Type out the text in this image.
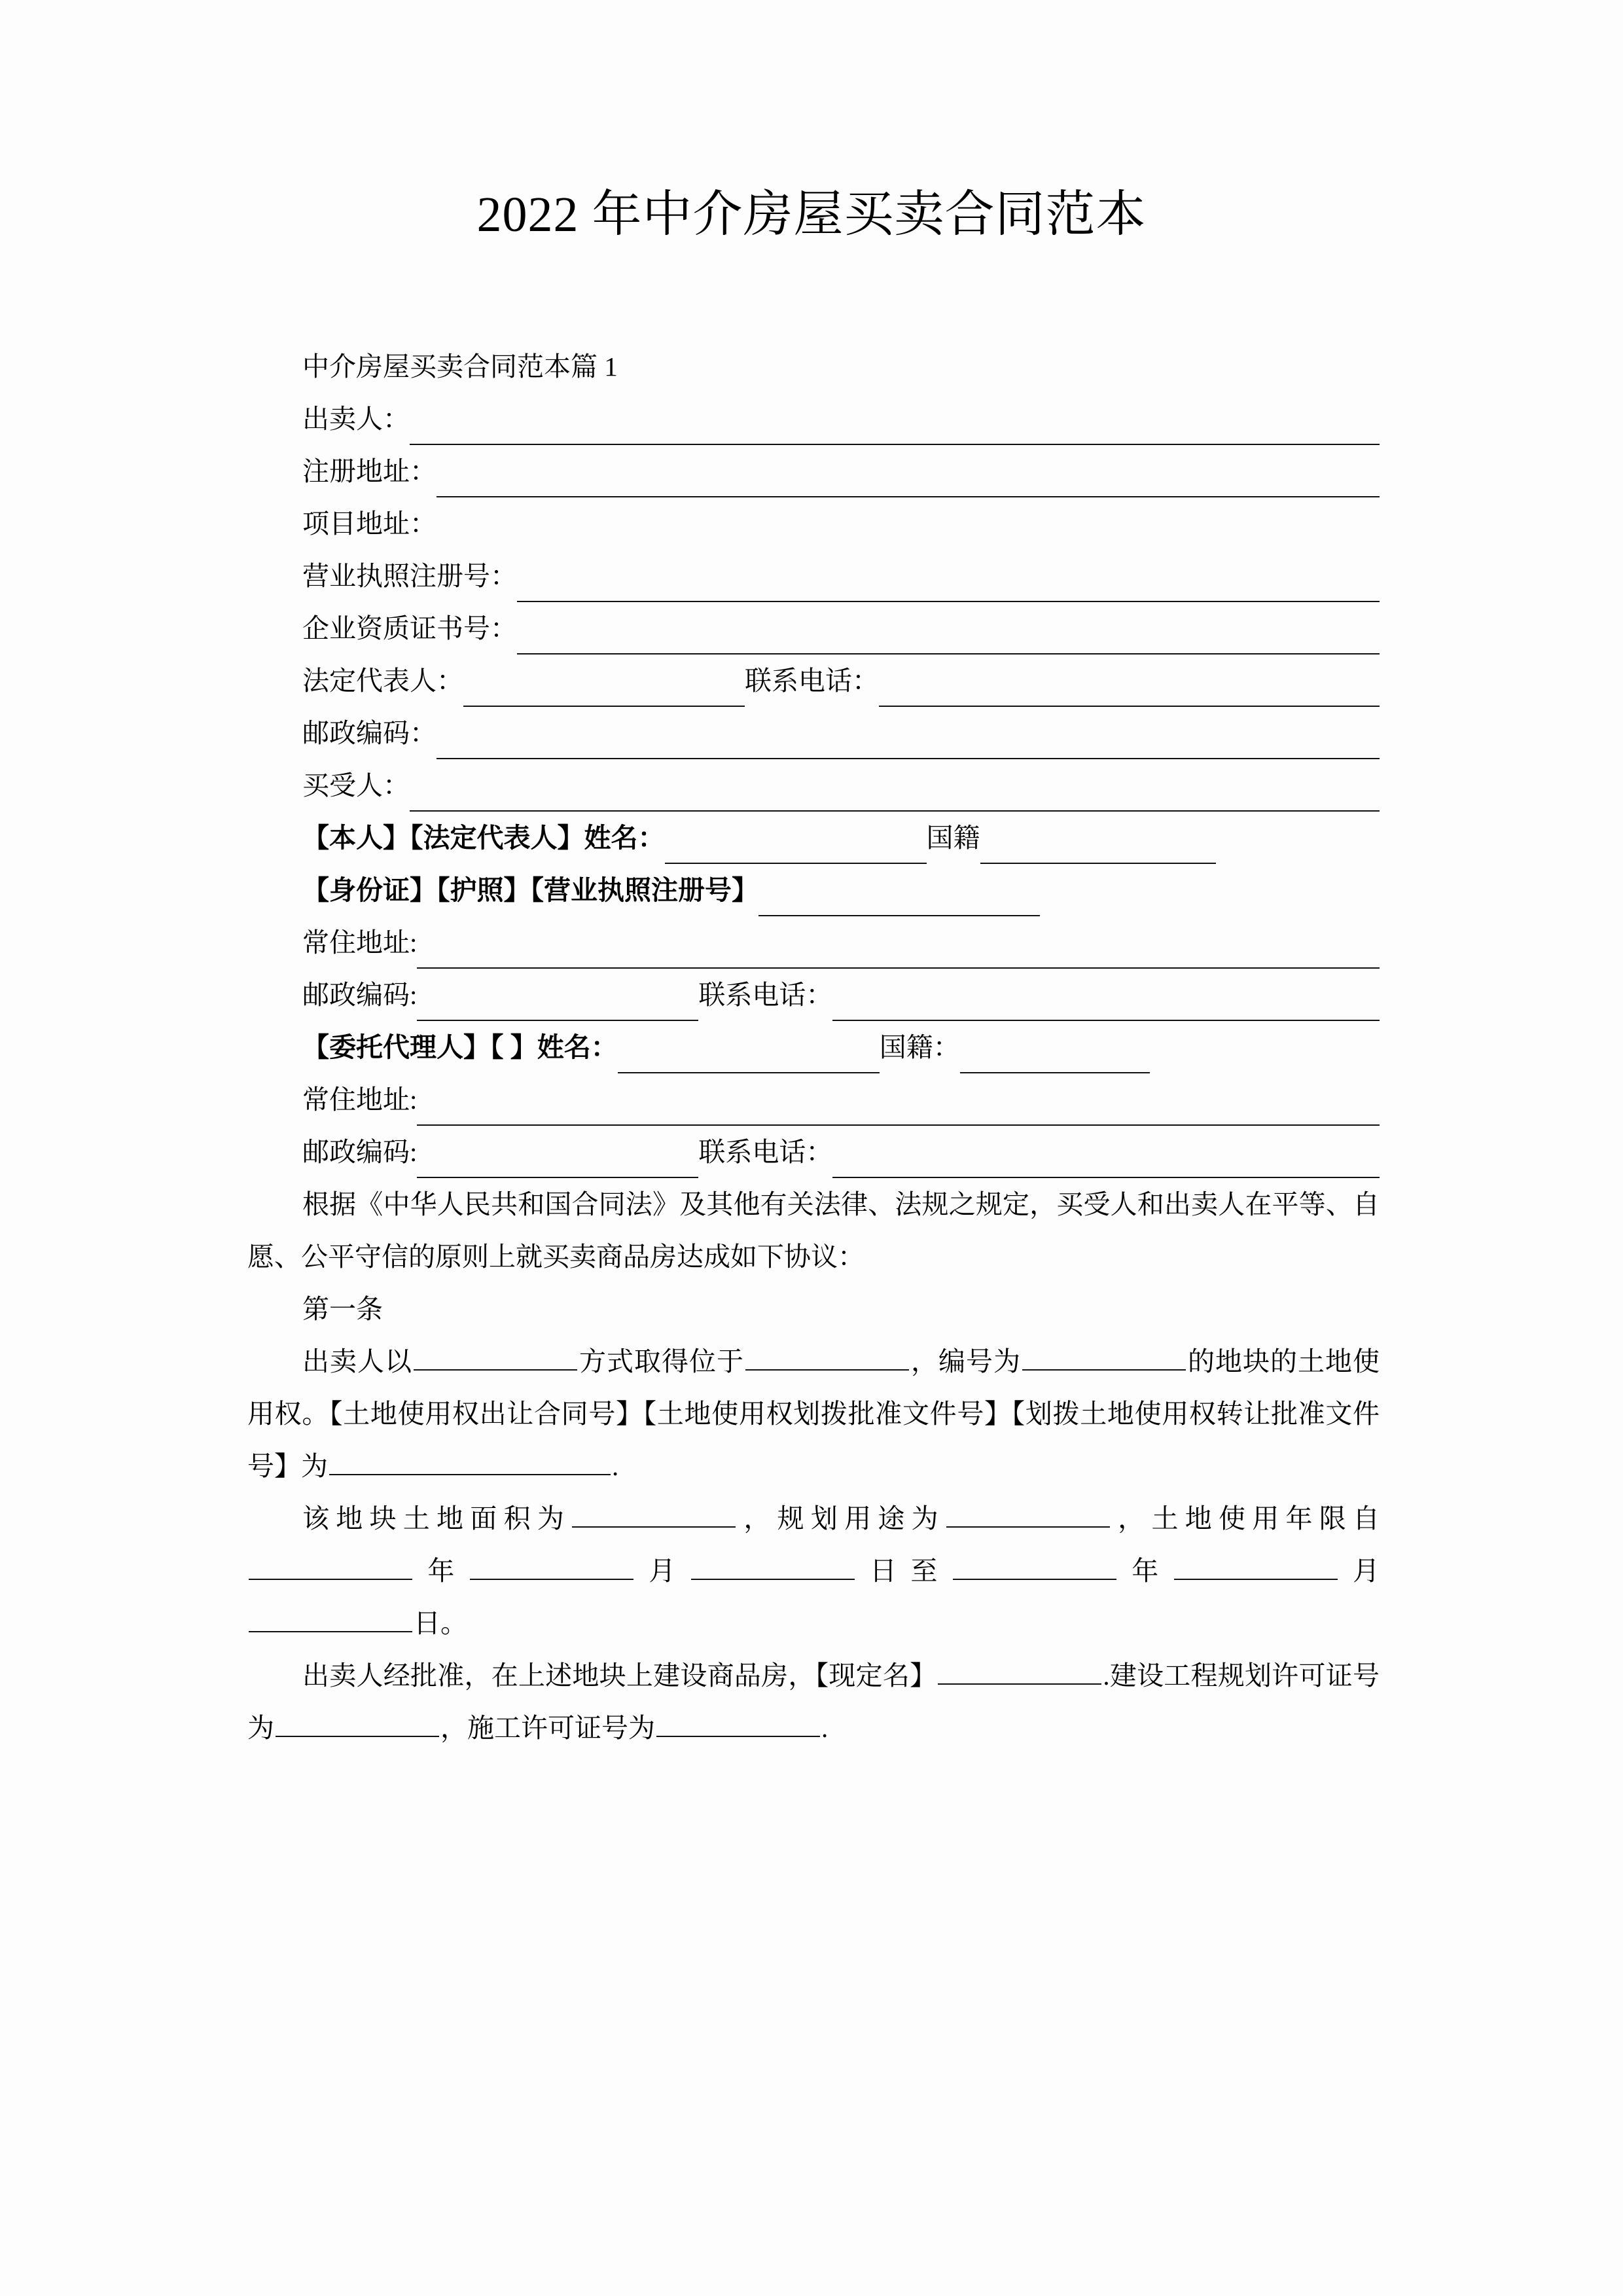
2022 年中介房屋买卖合同范本
中介房屋买卖合同范本篇 1
出卖人：
注册地址：
项目地址：
营业执照注册号：
企业资质证书号：
法定代表人：	联系电话：
邮政编码：
买受人：
【本人】【法定代表人】姓名：	国籍
【身份证】【护照】【营业执照注册号】
常住地址:
邮政编码:	联系电话：
【委托代理人】【 】姓名：	国籍：
常住地址:
邮政编码:	联系电话：

根据《中华人民共和国合同法》及其他有关法律、法规之规定，买受人和出卖人在平等、自愿、公平守信的原则上就买卖商品房达成如下协议：

第一条

出卖人以	方式取得位于	，编号为	的地块的土地使用权。【土地使用权出让合同号】【土地使用权划拨批准文件号】【划拨土地使用权转让批准文件号】为	.

该地块土地面积为	，规划用途为	，土地使用年限自年	月	日至	年	月日。

出卖人经批准，在上述地块上建设商品房，【现定名】	.建设工程规划许可证号为	，施工许可证号为	.
